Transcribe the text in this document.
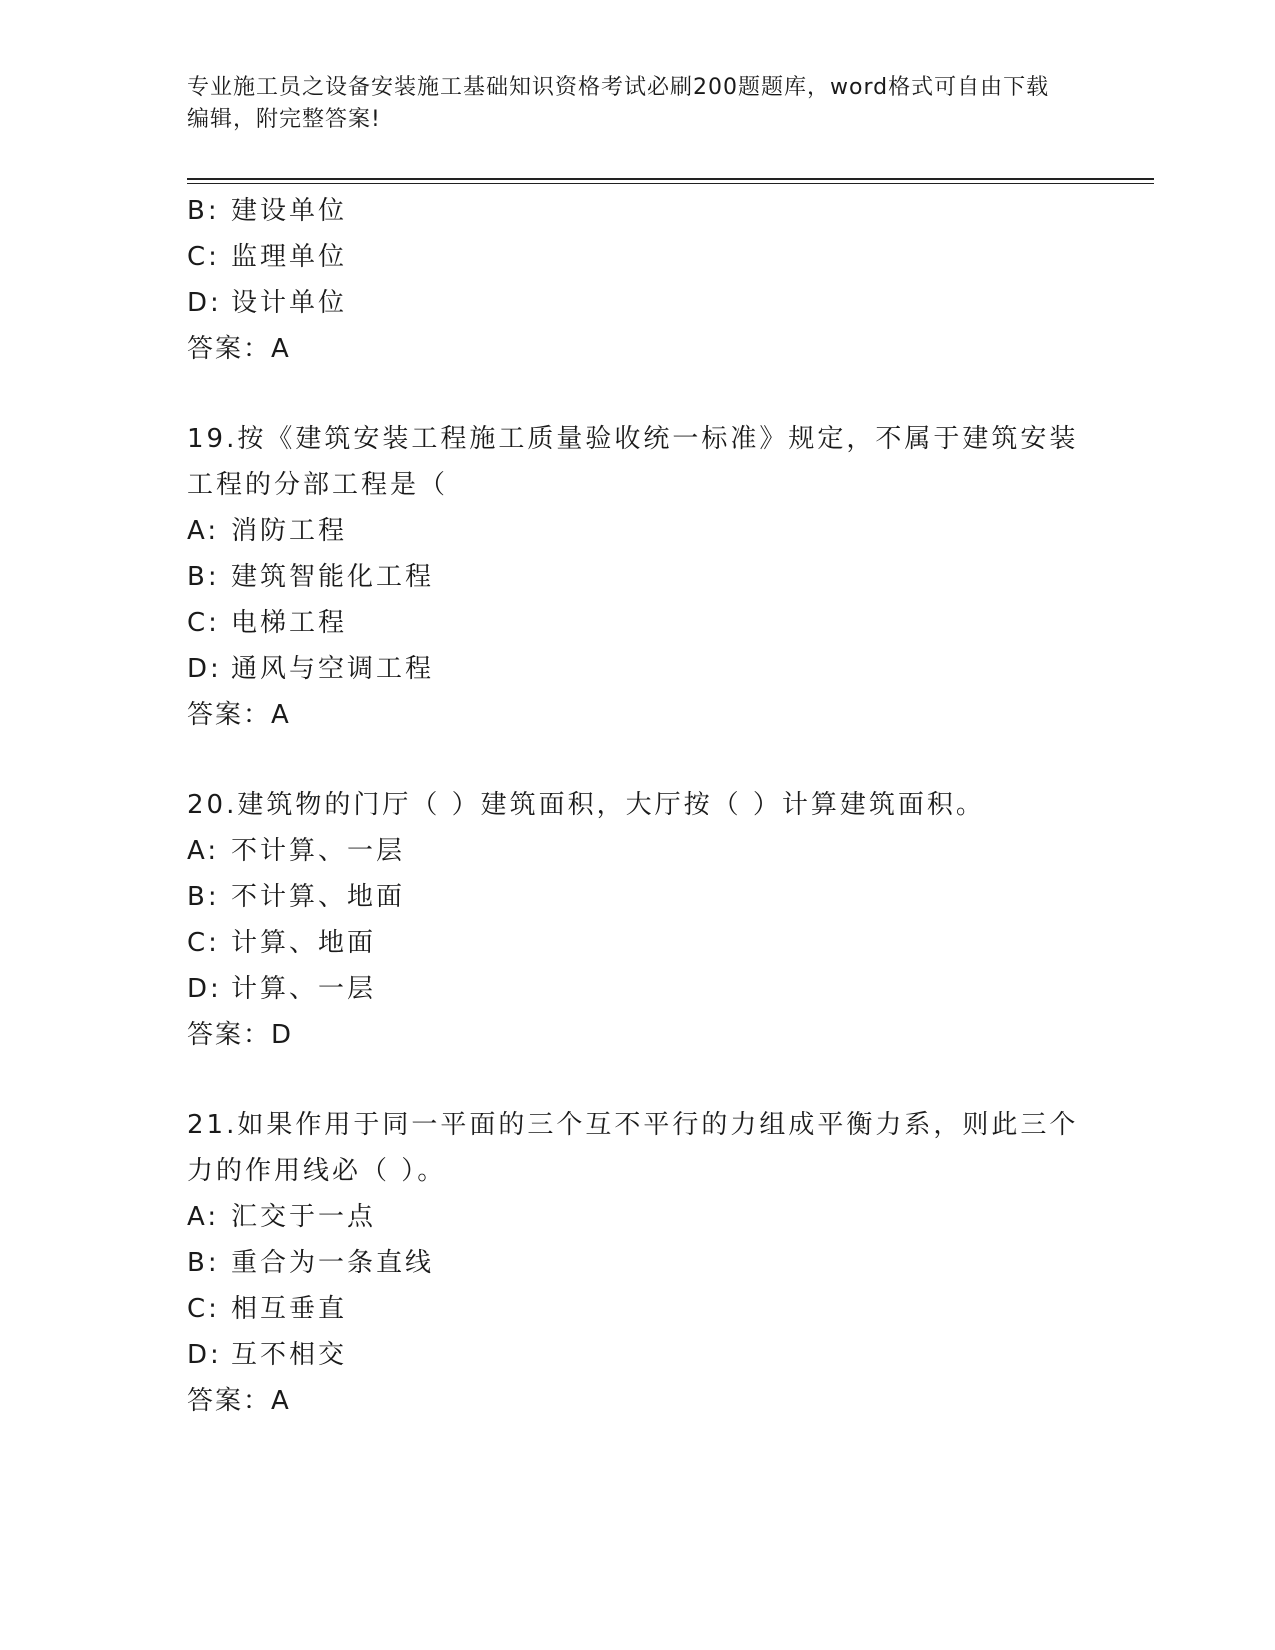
专业施工员之设备安装施工基础知识资格考试必刷200题题库，word格式可自由下载编辑，附完整答案!
B: 建设单位
C: 监理单位
D: 设计单位
答案：A
19.按《建筑安装工程施工质量验收统一标准》规定，不属于建筑安装
工程的分部工程是（
A: 消防工程
B: 建筑智能化工程
C: 电梯工程
D: 通风与空调工程
答案：A
20.建筑物的门厅（ ）建筑面积，大厅按（ ）计算建筑面积。
A: 不计算、一层
B: 不计算、地面
C: 计算、地面
D: 计算、一层
答案：D
21.如果作用于同一平面的三个互不平行的力组成平衡力系，则此三个
力的作用线必（ ）。
A: 汇交于一点
B: 重合为一条直线
C: 相互垂直
D: 互不相交
答案：A
